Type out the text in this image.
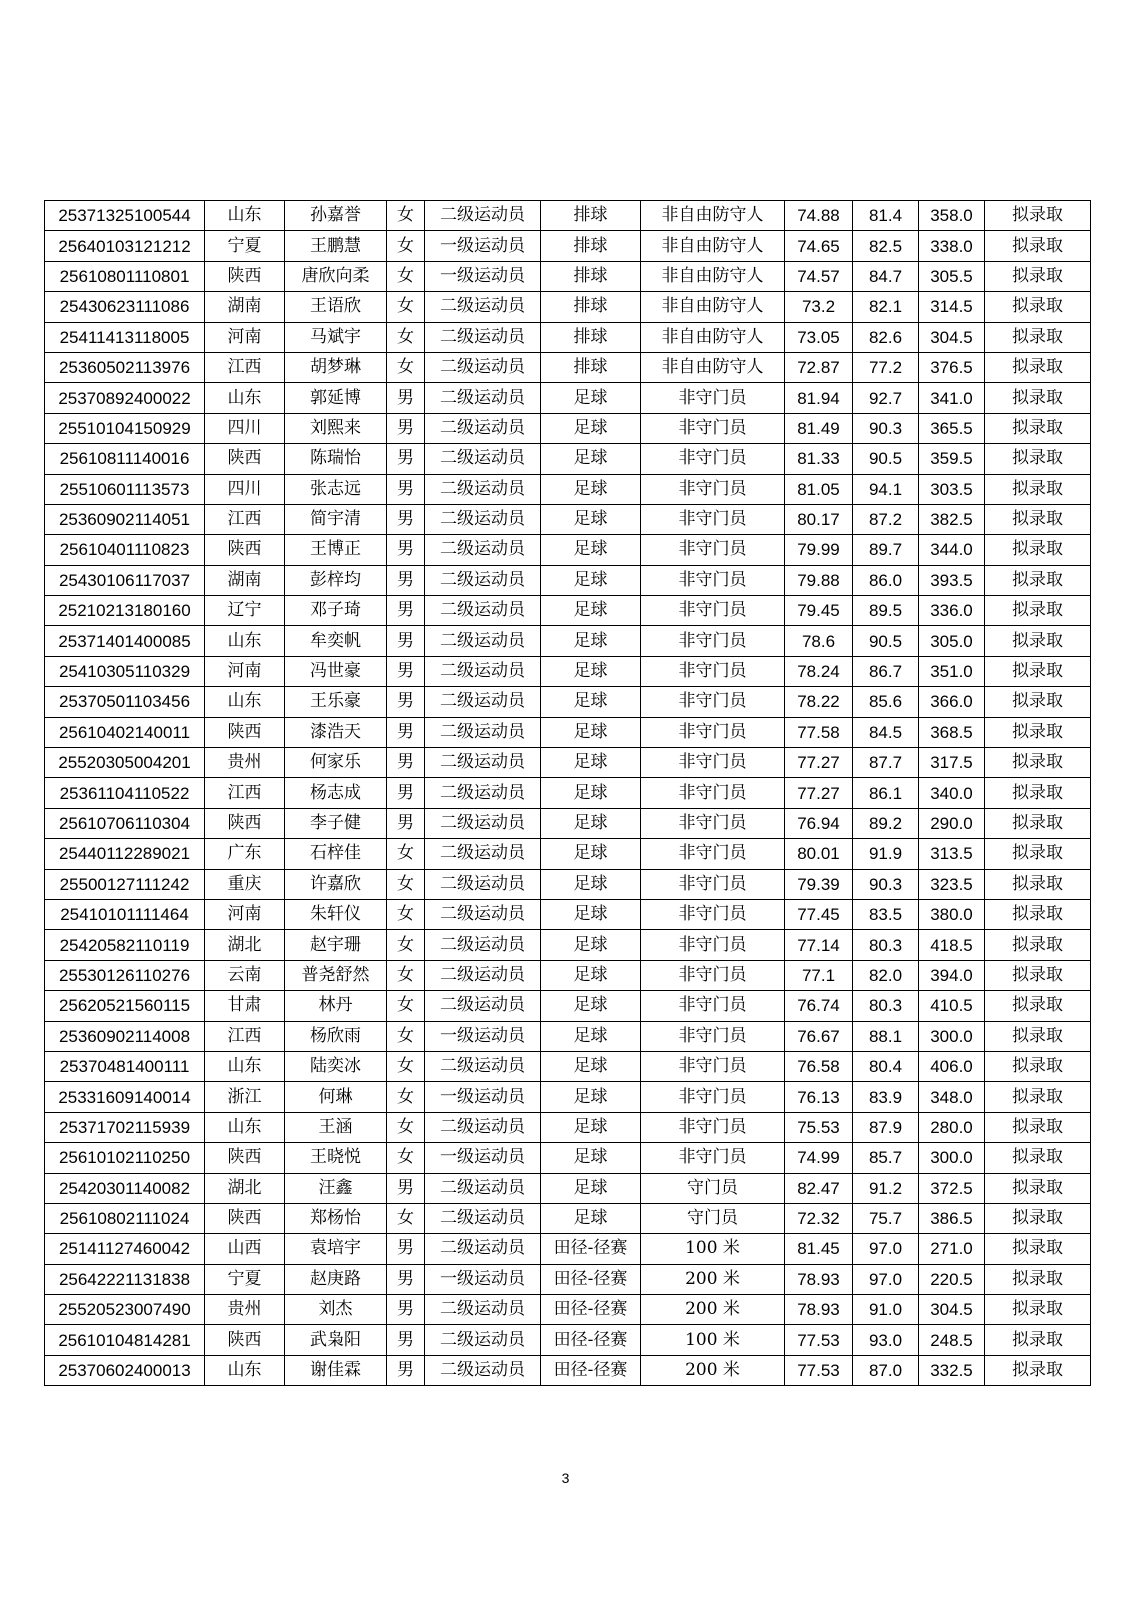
25371325100544	山东	孙嘉誉	女	二级运动员	排球	非自由防守人	74.88	81.4	358.0	拟录取
25640103121212	宁夏	王鹏慧	女	一级运动员	排球	非自由防守人	74.65	82.5	338.0	拟录取
25610801110801	陕西	唐欣向柔	女	一级运动员	排球	非自由防守人	74.57	84.7	305.5	拟录取
25430623111086	湖南	王语欣	女	二级运动员	排球	非自由防守人	73.2	82.1	314.5	拟录取
25411413118005	河南	马斌宇	女	二级运动员	排球	非自由防守人	73.05	82.6	304.5	拟录取
25360502113976	江西	胡梦琳	女	二级运动员	排球	非自由防守人	72.87	77.2	376.5	拟录取
25370892400022	山东	郭延博	男	二级运动员	足球	非守门员	81.94	92.7	341.0	拟录取
25510104150929	四川	刘熙来	男	二级运动员	足球	非守门员	81.49	90.3	365.5	拟录取
25610811140016	陕西	陈瑞怡	男	二级运动员	足球	非守门员	81.33	90.5	359.5	拟录取
25510601113573	四川	张志远	男	二级运动员	足球	非守门员	81.05	94.1	303.5	拟录取
25360902114051	江西	简宇清	男	二级运动员	足球	非守门员	80.17	87.2	382.5	拟录取
25610401110823	陕西	王博正	男	二级运动员	足球	非守门员	79.99	89.7	344.0	拟录取
25430106117037	湖南	彭梓均	男	二级运动员	足球	非守门员	79.88	86.0	393.5	拟录取
25210213180160	辽宁	邓子琦	男	二级运动员	足球	非守门员	79.45	89.5	336.0	拟录取
25371401400085	山东	牟奕帆	男	二级运动员	足球	非守门员	78.6	90.5	305.0	拟录取
25410305110329	河南	冯世豪	男	二级运动员	足球	非守门员	78.24	86.7	351.0	拟录取
25370501103456	山东	王乐豪	男	二级运动员	足球	非守门员	78.22	85.6	366.0	拟录取
25610402140011	陕西	漆浩天	男	二级运动员	足球	非守门员	77.58	84.5	368.5	拟录取
25520305004201	贵州	何家乐	男	二级运动员	足球	非守门员	77.27	87.7	317.5	拟录取
25361104110522	江西	杨志成	男	二级运动员	足球	非守门员	77.27	86.1	340.0	拟录取
25610706110304	陕西	李子健	男	二级运动员	足球	非守门员	76.94	89.2	290.0	拟录取
25440112289021	广东	石梓佳	女	二级运动员	足球	非守门员	80.01	91.9	313.5	拟录取
25500127111242	重庆	许嘉欣	女	二级运动员	足球	非守门员	79.39	90.3	323.5	拟录取
25410101111464	河南	朱轩仪	女	二级运动员	足球	非守门员	77.45	83.5	380.0	拟录取
25420582110119	湖北	赵宇珊	女	二级运动员	足球	非守门员	77.14	80.3	418.5	拟录取
25530126110276	云南	普尧舒然	女	二级运动员	足球	非守门员	77.1	82.0	394.0	拟录取
25620521560115	甘肃	林丹	女	二级运动员	足球	非守门员	76.74	80.3	410.5	拟录取
25360902114008	江西	杨欣雨	女	一级运动员	足球	非守门员	76.67	88.1	300.0	拟录取
25370481400111	山东	陆奕冰	女	二级运动员	足球	非守门员	76.58	80.4	406.0	拟录取
25331609140014	浙江	何琳	女	一级运动员	足球	非守门员	76.13	83.9	348.0	拟录取
25371702115939	山东	王涵	女	二级运动员	足球	非守门员	75.53	87.9	280.0	拟录取
25610102110250	陕西	王晓悦	女	一级运动员	足球	非守门员	74.99	85.7	300.0	拟录取
25420301140082	湖北	汪鑫	男	二级运动员	足球	守门员	82.47	91.2	372.5	拟录取
25610802111024	陕西	郑杨怡	女	二级运动员	足球	守门员	72.32	75.7	386.5	拟录取
25141127460042	山西	袁培宇	男	二级运动员	田径-径赛	100 米	81.45	97.0	271.0	拟录取
25642221131838	宁夏	赵庚路	男	一级运动员	田径-径赛	200 米	78.93	97.0	220.5	拟录取
25520523007490	贵州	刘杰	男	二级运动员	田径-径赛	200 米	78.93	91.0	304.5	拟录取
25610104814281	陕西	武枭阳	男	二级运动员	田径-径赛	100 米	77.53	93.0	248.5	拟录取
25370602400013	山东	谢佳霖	男	二级运动员	田径-径赛	200 米	77.53	87.0	332.5	拟录取
3
